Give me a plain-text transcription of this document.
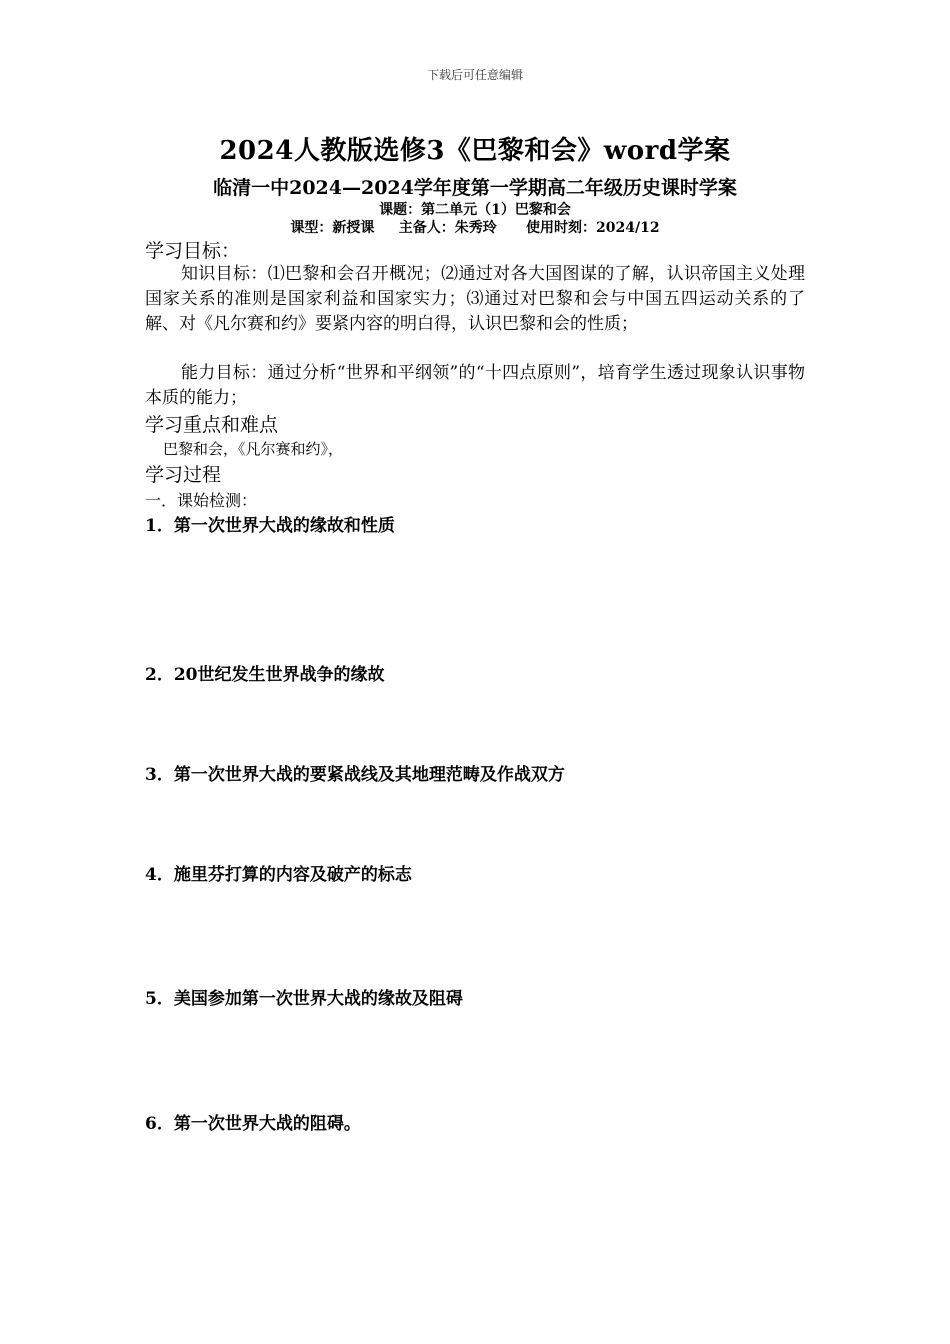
下载后可任意编辑
2024人教版选修3《巴黎和会》word学案
临清一中2024—2024学年度第一学期高二年级历史课时学案
课题：第二单元（1）巴黎和会
课型：新授课 主备人：朱秀玲 使用时刻：2024/12
学习目标：
知识目标：⑴巴黎和会召开概况；⑵通过对各大国图谋的了解，认识帝国主义处理国家关系的准则是国家利益和国家实力；⑶通过对巴黎和会与中国五四运动关系的了解、对《凡尔赛和约》要紧内容的明白得，认识巴黎和会的性质；
能力目标：通过分析“世界和平纲领”的“十四点原则”，培育学生透过现象认识事物本质的能力；
学习重点和难点
巴黎和会，《凡尔赛和约》，
学习过程
一．课始检测：
1．第一次世界大战的缘故和性质
2．20世纪发生世界战争的缘故
3．第一次世界大战的要紧战线及其地理范畴及作战双方
4．施里芬打算的内容及破产的标志
5．美国参加第一次世界大战的缘故及阻碍
6．第一次世界大战的阻碍。
